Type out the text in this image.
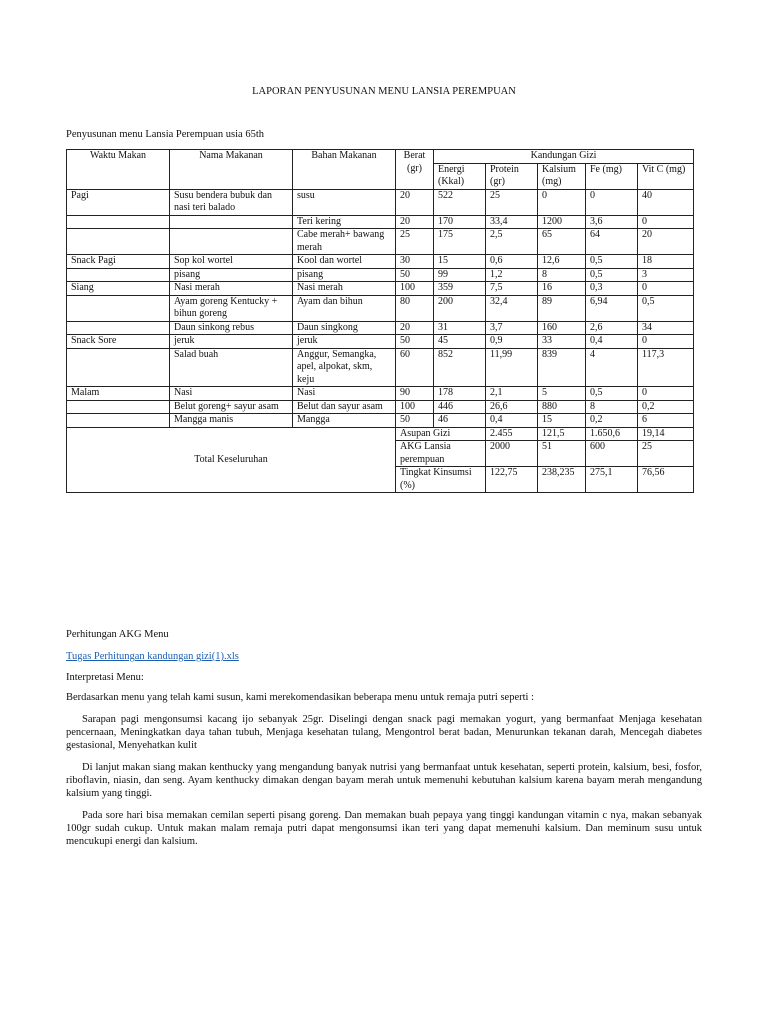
LAPORAN PENYUSUNAN MENU LANSIA PEREMPUAN
Penyusunan menu Lansia Perempuan usia 65th
Waktu Makan	Nama Makanan	Bahan Makanan	Berat (gr)	Kandungan Gizi					
				Energi (Kkal)	Protein (gr)	Kalsium (mg)	Fe (mg)	Vit C (mg)	
Pagi	Susu bendera bubuk dan nasi teri balado	susu	20	522	25	0	0	40	
		Teri kering	20	170	33,4	1200	3,6	0	
		Cabe merah+ bawang merah	25	175	2,5	65	64	20	
Snack Pagi	Sop kol wortel	Kool dan wortel	30	15	0,6	12,6	0,5	18	
	pisang	pisang	50	99	1,2	8	0,5	3	
Siang	Nasi merah	Nasi merah	100	359	7,5	16	0,3	0	
	Ayam goreng Kentucky + bihun goreng	Ayam dan bihun	80	200	32,4	89	6,94	0,5	
	Daun sinkong rebus	Daun singkong	20	31	3,7	160	2,6	34	
Snack Sore	jeruk	jeruk	50	45	0,9	33	0,4	0	
	Salad buah	Anggur, Semangka, apel, alpokat, skm, keju	60	852	11,99	839	4	117,3	
Malam	Nasi	Nasi	90	178	2,1	5	0,5	0	
	Belut goreng+ sayur asam	Belut dan sayur asam	100	446	26,6	880	8	0,2	
	Mangga manis	Mangga	50	46	0,4	15	0,2	6	
Total Keseluruhan			Asupan Gizi		2.455	121,5	1.650,6	19,14	
			AKG Lansia perempuan		2000	51	600	25	
			Tingkat Kinsumsi (%)		122,75	238,235	275,1	76,56	

Perhitungan AKG Menu

Tugas Perhitungan kandungan gizi(1).xls

Interpretasi Menu:

Berdasarkan menu yang telah kami susun, kami merekomendasikan beberapa menu untuk remaja putri seperti :

Sarapan pagi mengonsumsi kacang ijo sebanyak 25gr. Diselingi dengan snack pagi memakan yogurt, yang bermanfaat Menjaga kesehatan pencernaan, Meningkatkan daya tahan tubuh, Menjaga kesehatan tulang, Mengontrol berat badan, Menurunkan tekanan darah, Mencegah diabetes gestasional, Menyehatkan kulit

Di lanjut makan siang makan kenthucky yang mengandung banyak nutrisi yang bermanfaat untuk kesehatan, seperti protein, kalsium, besi, fosfor, riboflavin, niasin, dan seng. Ayam kenthucky dimakan dengan bayam merah untuk memenuhi kebutuhan kalsium karena bayam merah mengandung kalsium yang tinggi.

Pada sore hari bisa memakan cemilan seperti pisang goreng. Dan memakan buah pepaya yang tinggi kandungan vitamin c nya, makan sebanyak 100gr sudah cukup. Untuk makan malam remaja putri dapat mengonsumsi ikan teri yang dapat memenuhi kalsium. Dan meminum susu untuk mencukupi energi dan kalsium.
